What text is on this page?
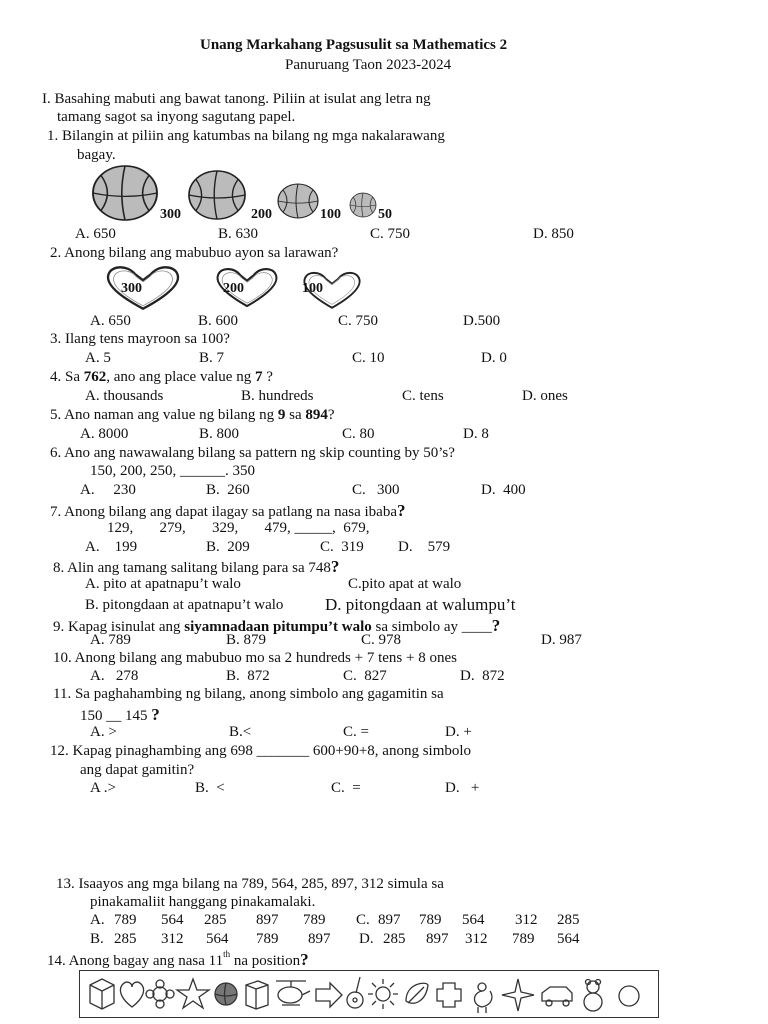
Unang Markahang Pagsusulit sa Mathematics 2
Panuruang Taon 2023-2024
I. Basahing mabuti ang bawat tanong. Piliin at isulat ang letra ng
tamang sagot sa inyong sagutang papel.
1. Bilangin at piliin ang katumbas na bilang ng mga nakalarawang
bagay.
300	200	100	50
A. 650	B. 630	C. 750	D. 850
2. Anong bilang ang mabubuo ayon sa larawan?
300	200	100
A. 650	B. 600	C. 750	D.500
3. Ilang tens mayroon sa 100?
A. 5	B. 7	C. 10	D. 0
4. Sa 762, ano ang place value ng 7 ?
A. thousands	B. hundreds	C. tens	D. ones
5. Ano naman ang value ng bilang ng 9 sa 894?
A. 8000	B. 800	C. 80	D. 8
6. Ano ang nawawalang bilang sa pattern ng skip counting by 50’s?
150, 200, 250, ______. 350
A.     230	B.  260	C.   300	D.  400
7. Anong bilang ang dapat ilagay sa patlang na nasa ibaba?
129,       279,       329,       479, _____,  679,
A.    199	B.  209	C.  319 D.    579
8. Alin ang tamang salitang bilang para sa 748?
A. pito at apatnapu’t walo	C.pito apat at walo
B. pitongdaan at apatnapu’t walo D. pitongdaan at walumpu’t
9. Kapag isinulat ang siyamnadaan pitumpu’t walo sa simbolo ay ____?
A. 789	B. 879	C. 978	D. 987
10. Anong bilang ang mabubuo mo sa 2 hundreds + 7 tens + 8 ones
A.   278	B.  872	C.  827	D.  872
11. Sa paghahambing ng bilang, anong simbolo ang gagamitin sa
150 __ 145 ?
A. >	B.<	C. =	D. +
12. Kapag pinaghambing ang 698 _______ 600+90+8, anong simbolo
ang dapat gamitin?
A .>	B.  <	C.  =	D.   +
13. Isaayos ang mga bilang na 789, 564, 285, 897, 312 simula sa
pinakamaliit hanggang pinakamalaki.
A. 789 564 285 897 789 C. 897 789 564 312 285
B. 285 312 564 789 897 D. 285 897 312 789 564
14. Anong bagay ang nasa 11th na position?
